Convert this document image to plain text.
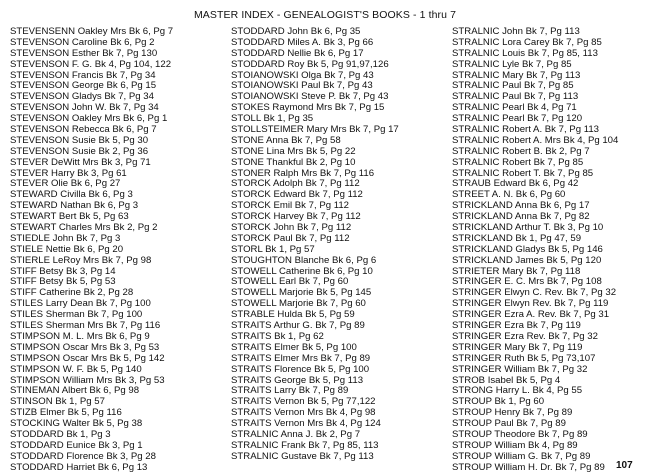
MASTER INDEX - GENEALOGIST'S BOOKS - 1 thru 7
STEVENSENN Oakley Mrs Bk 6, Pg 7
STEVENSON Caroline Bk 6, Pg 2
STEVENSON Esther Bk 7, Pg 130
STEVENSON F. G. Bk 4, Pg 104, 122
STEVENSON Francis Bk 7, Pg 34
STEVENSON George Bk 6, Pg 15
STEVENSON Gladys Bk 7, Pg 34
STEVENSON John W. Bk 7, Pg 34
STEVENSON Oakley Mrs Bk 6, Pg 1
STEVENSON Rebecca Bk 6, Pg 7
STEVENSON Susie Bk 5, Pg 30
STEVENSON Susie Bk 2, Pg 36
STEVER DeWitt Mrs Bk 3, Pg 71
STEVER Harry Bk 3, Pg 61
STEVER Olie Bk 6, Pg 27
STEWARD Civilla Bk 6, Pg 3
STEWARD Nathan Bk 6, Pg 3
STEWART Bert Bk 5, Pg 63
STEWART Charles Mrs Bk 2, Pg 2
STIEDLE John Bk 7, Pg 3
STIELE Nettie Bk 6, Pg 20
STIERLE LeRoy Mrs Bk 7, Pg 98
STIFF Betsy Bk 3, Pg 14
STIFF Betsy Bk 5, Pg 53
STIFF Catherine Bk 2, Pg 28
STILES Larry Dean Bk 7, Pg 100
STILES Sherman Bk 7, Pg 100
STILES Sherman Mrs Bk 7, Pg 116
STIMPSON M. L. Mrs Bk 6, Pg 9
STIMPSON Oscar Mrs Bk 3, Pg 53
STIMPSON Oscar Mrs Bk 5, Pg 142
STIMPSON W. F. Bk 5, Pg 140
STIMPSON William Mrs Bk 3, Pg 53
STINEMAN Albert Bk 6, Pg 98
STINSON Bk 1, Pg 57
STIZB Elmer Bk 5, Pg 116
STOCKING Walter Bk 5, Pg 38
STODDARD Bk 1, Pg 3
STODDARD Eunice Bk 3, Pg 1
STODDARD Florence Bk 3, Pg 28
STODDARD Harriet Bk 6, Pg 13
STODDARD John Bk 6, Pg 35
STODDARD Miles A. Bk 3, Pg 66
STODDARD Nellie Bk 6, Pg 17
STODDARD Roy Bk 5, Pg 91,97,126
STOIANOWSKI Olga Bk 7, Pg 43
STOIANOWSKI Paul Bk 7, Pg 43
STOIANOWSKI Steve P. Bk 7, Pg 43
STOKES Raymond Mrs Bk 7, Pg 15
STOLL Bk 1, Pg 35
STOLLSTEIMER Mary Mrs Bk 7, Pg 17
STONE Anna Bk 7, Pg 58
STONE Lina Mrs Bk 5, Pg 22
STONE Thankful Bk 2, Pg 10
STONER Ralph Mrs Bk 7, Pg 116
STORCK Adolph Bk 7, Pg 112
STORCK Edward Bk 7, Pg 112
STORCK Emil Bk 7, Pg 112
STORCK Harvey Bk 7, Pg 112
STORCK John Bk 7, Pg 112
STORCK Paul Bk 7, Pg 112
STORL Bk 1, Pg 57
STOUGHTON Blanche Bk 6, Pg 6
STOWELL Catherine Bk 6, Pg 10
STOWELL Earl Bk 7, Pg 60
STOWELL Marjorie Bk 5, Pg 145
STOWELL Marjorie Bk 7, Pg 60
STRABLE Hulda Bk 5, Pg 59
STRAITS Arthur G. Bk 7, Pg 89
STRAITS Bk 1, Pg 62
STRAITS Elmer Bk 5, Pg 100
STRAITS Elmer Mrs Bk 7, Pg 89
STRAITS Florence Bk 5, Pg 100
STRAITS George Bk 5, Pg 113
STRAITS Larry Bk 7, Pg 89
STRAITS Vernon Bk 5, Pg 77,122
STRAITS Vernon Mrs Bk 4, Pg 98
STRAITS Vernon Mrs Bk 4, Pg 124
STRALNIC Anna J. Bk 2, Pg 7
STRALNIC Frank Bk 7, Pg 85, 113
STRALNIC Gustave Bk 7, Pg 113
STRALNIC John Bk 7, Pg 113
STRALNIC Lora Carey Bk 7, Pg 85
STRALNIC Louis Bk 7, Pg 85, 113
STRALNIC Lyle Bk 7, Pg 85
STRALNIC Mary Bk 7, Pg 113
STRALNIC Paul Bk 7, Pg 85
STRALNIC Paul Bk 7, Pg 113
STRALNIC Pearl Bk 4, Pg 71
STRALNIC Pearl Bk 7, Pg 120
STRALNIC Robert A. Bk 7, Pg 113
STRALNIC Robert A. Mrs Bk 4, Pg 104
STRALNIC Robert B. Bk 2, Pg 7
STRALNIC Robert Bk 7, Pg 85
STRALNIC Robert T. Bk 7, Pg 85
STRAUB Edward Bk 6, Pg 42
STREET A. N. Bk 6, Pg 60
STRICKLAND Anna Bk 6, Pg 17
STRICKLAND Anna Bk 7, Pg 82
STRICKLAND Arthur T. Bk 3, Pg 10
STRICKLAND Bk 1, Pg 47, 59
STRICKLAND Gladys Bk 5, Pg 146
STRICKLAND James Bk 5, Pg 120
STRIETER Mary Bk 7, Pg 118
STRINGER E. C. Mrs Bk 7, Pg 108
STRINGER Elwyn C. Rev. Bk 7, Pg 32
STRINGER Elwyn Rev. Bk 7, Pg 119
STRINGER Ezra A. Rev. Bk 7, Pg 31
STRINGER Ezra Bk 7, Pg 119
STRINGER Ezra Rev. Bk 7, Pg 32
STRINGER Mary Bk 7, Pg 119
STRINGER Ruth Bk 5, Pg 73,107
STRINGER William Bk 7, Pg 32
STROB Isabel Bk 5, Pg 4
STRONG Harry L. Bk 4, Pg 55
STROUP Bk 1, Pg 60
STROUP Henry Bk 7, Pg 89
STROUP Paul Bk 7, Pg 89
STROUP Theodore Bk 7, Pg 89
STROUP William Bk 4, Pg 89
STROUP William G. Bk 7, Pg 89
STROUP William H. Dr. Bk 7, Pg 89	107
